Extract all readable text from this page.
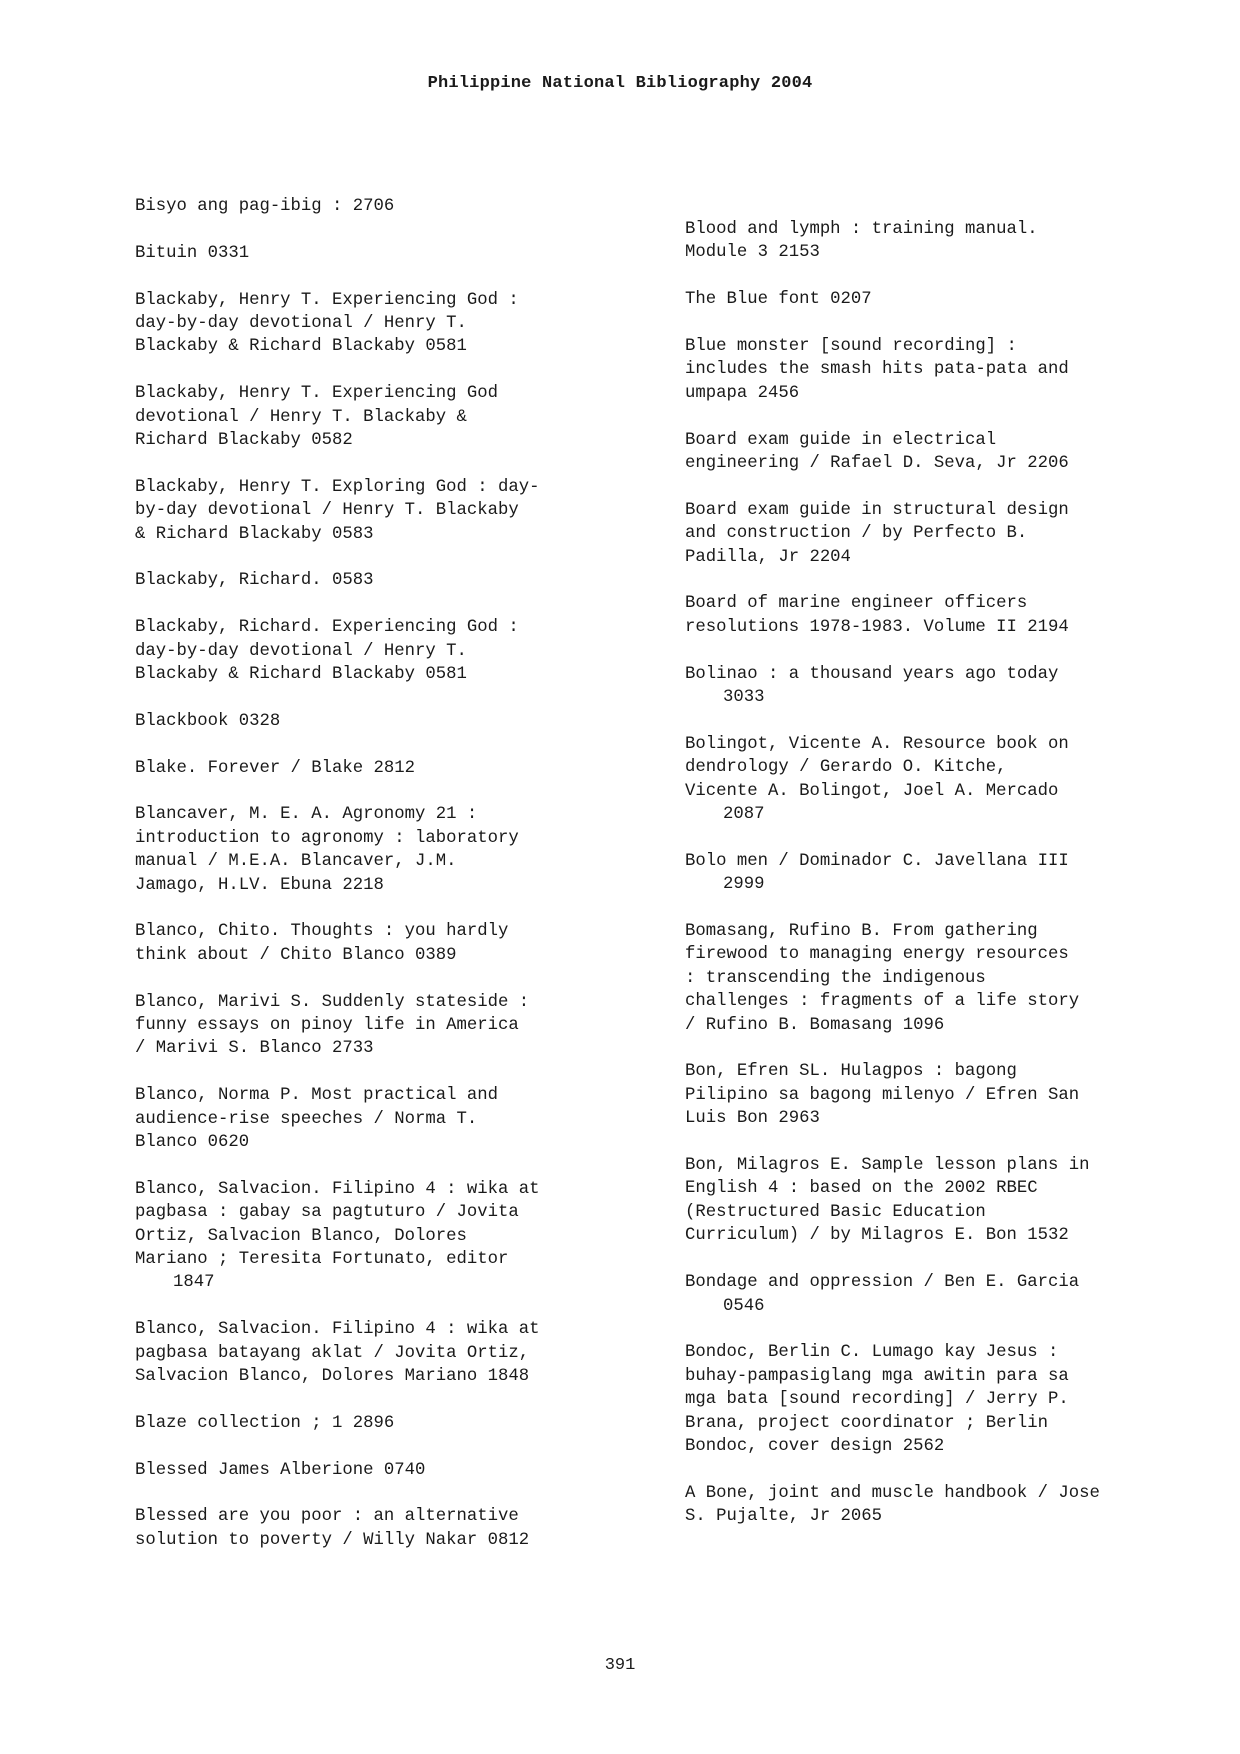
Philippine National Bibliography 2004
Bisyo ang pag-ibig : 2706
Bituin 0331
Blackaby, Henry T. Experiencing God :
day-by-day devotional / Henry T.
Blackaby & Richard Blackaby 0581
Blackaby, Henry T. Experiencing God
devotional / Henry T. Blackaby &
Richard Blackaby 0582
Blackaby, Henry T. Exploring God : day-
by-day devotional / Henry T. Blackaby
& Richard Blackaby 0583
Blackaby, Richard. 0583
Blackaby, Richard. Experiencing God :
day-by-day devotional / Henry T.
Blackaby & Richard Blackaby 0581
Blackbook 0328
Blake. Forever / Blake 2812
Blancaver, M. E. A. Agronomy 21 :
introduction to agronomy : laboratory
manual / M.E.A. Blancaver, J.M.
Jamago, H.LV. Ebuna 2218
Blanco, Chito. Thoughts : you hardly
think about / Chito Blanco 0389
Blanco, Marivi S. Suddenly stateside :
funny essays on pinoy life in America
/ Marivi S. Blanco 2733
Blanco, Norma P. Most practical and
audience-rise speeches / Norma T.
Blanco 0620
Blanco, Salvacion. Filipino 4 : wika at
pagbasa : gabay sa pagtuturo / Jovita
Ortiz, Salvacion Blanco, Dolores
Mariano ; Teresita Fortunato, editor
1847
Blanco, Salvacion. Filipino 4 : wika at
pagbasa batayang aklat / Jovita Ortiz,
Salvacion Blanco, Dolores Mariano 1848
Blaze collection ; 1 2896
Blessed James Alberione 0740
Blessed are you poor : an alternative
solution to poverty / Willy Nakar 0812
Blood and lymph : training manual.
Module 3 2153
The Blue font 0207
Blue monster [sound recording] :
includes the smash hits pata-pata and
umpapa 2456
Board exam guide in electrical
engineering / Rafael D. Seva, Jr 2206
Board exam guide in structural design
and construction / by Perfecto B.
Padilla, Jr 2204
Board of marine engineer officers
resolutions 1978-1983. Volume II 2194
Bolinao : a thousand years ago today
3033
Bolingot, Vicente A. Resource book on
dendrology / Gerardo O. Kitche,
Vicente A. Bolingot, Joel A. Mercado
2087
Bolo men / Dominador C. Javellana III
2999
Bomasang, Rufino B. From gathering
firewood to managing energy resources
: transcending the indigenous
challenges : fragments of a life story
/ Rufino B. Bomasang 1096
Bon, Efren SL. Hulagpos : bagong
Pilipino sa bagong milenyo / Efren San
Luis Bon 2963
Bon, Milagros E. Sample lesson plans in
English 4 : based on the 2002 RBEC
(Restructured Basic Education
Curriculum) / by Milagros E. Bon 1532
Bondage and oppression / Ben E. Garcia
0546
Bondoc, Berlin C. Lumago kay Jesus :
buhay-pampasiglang mga awitin para sa
mga bata [sound recording] / Jerry P.
Brana, project coordinator ; Berlin
Bondoc, cover design 2562
A Bone, joint and muscle handbook / Jose
S. Pujalte, Jr 2065
391
